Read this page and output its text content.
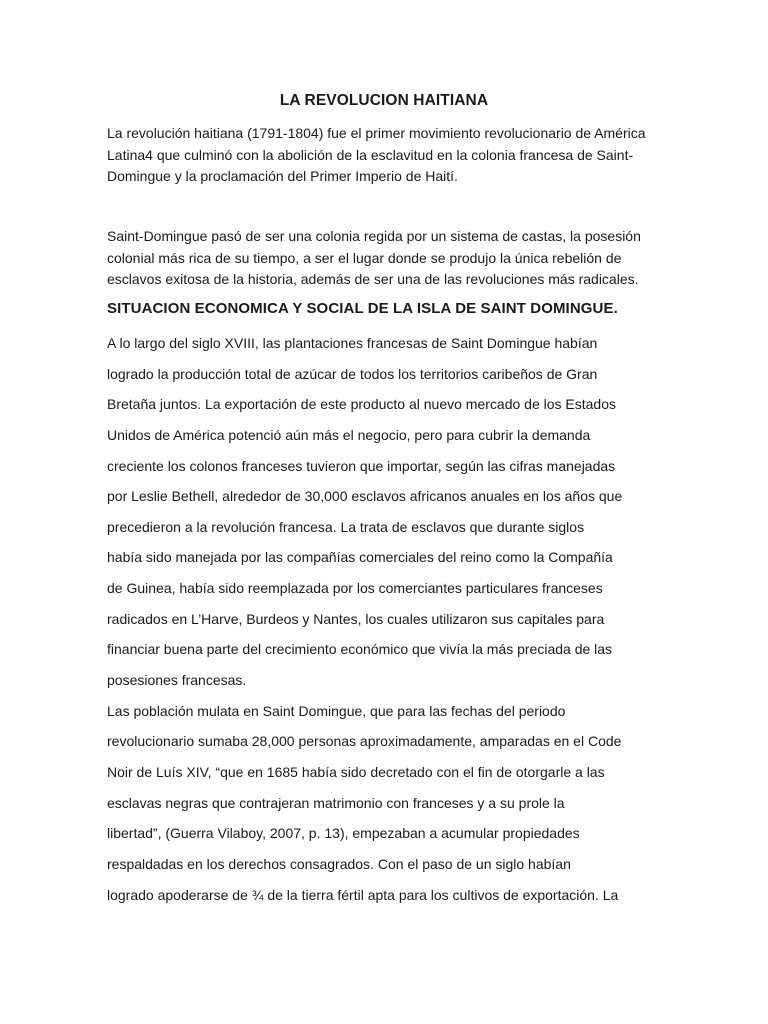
LA REVOLUCION HAITIANA

La revolución haitiana (1791-1804) fue el primer movimiento revolucionario de América
Latina4 que culminó con la abolición de la esclavitud en la colonia francesa de Saint-
Domingue y la proclamación del Primer Imperio de Haití.

Saint-Domingue pasó de ser una colonia regida por un sistema de castas, la posesión
colonial más rica de su tiempo, a ser el lugar donde se produjo la única rebelión de
esclavos exitosa de la historia, además de ser una de las revoluciones más radicales.

SITUACION ECONOMICA Y SOCIAL DE LA ISLA DE SAINT DOMINGUE.
A lo largo del siglo XVIII, las plantaciones francesas de Saint Domingue habían
logrado la producción total de azúcar de todos los territorios caribeños de Gran
Bretaña juntos. La exportación de este producto al nuevo mercado de los Estados
Unidos de América potenció aún más el negocio, pero para cubrir la demanda
creciente los colonos franceses tuvieron que importar, según las cifras manejadas
por Leslie Bethell, alrededor de 30,000 esclavos africanos anuales en los años que
precedieron a la revolución francesa. La trata de esclavos que durante siglos
había sido manejada por las compañías comerciales del reino como la Compañía
de Guinea, había sido reemplazada por los comerciantes particulares franceses
radicados en L’Harve, Burdeos y Nantes, los cuales utilizaron sus capitales para
financiar buena parte del crecimiento económico que vivía la más preciada de las
posesiones francesas.
Las población mulata en Saint Domingue, que para las fechas del periodo
revolucionario sumaba 28,000 personas aproximadamente, amparadas en el Code
Noir de Luís XIV, “que en 1685 había sido decretado con el fin de otorgarle a las
esclavas negras que contrajeran matrimonio con franceses y a su prole la
libertad”, (Guerra Vilaboy, 2007, p. 13), empezaban a acumular propiedades
respaldadas en los derechos consagrados. Con el paso de un siglo habían
logrado apoderarse de ¾ de la tierra fértil apta para los cultivos de exportación. La
